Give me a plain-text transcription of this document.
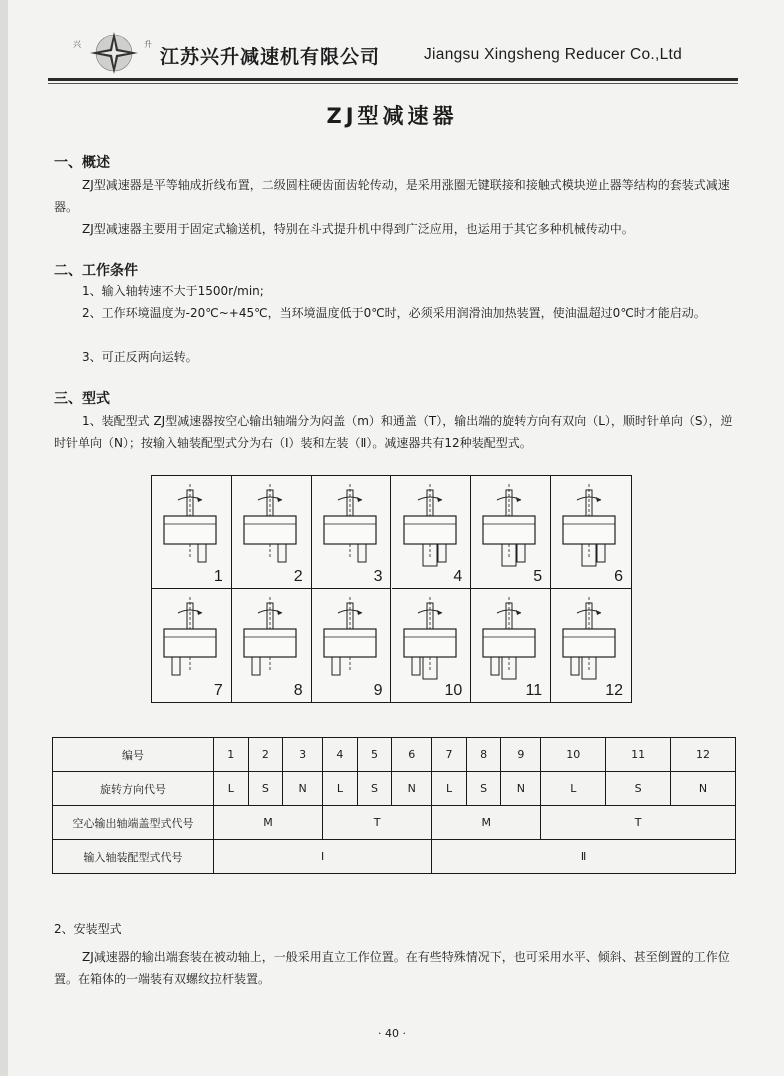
兴	升
江苏兴升减速机有限公司	Jiangsu Xingsheng Reducer Co.,Ltd
ZJ型减速器
一、概述
ZJ型减速器是平等轴成折线布置，二级圆柱硬齿面齿轮传动，是采用涨圈无键联接和接触式模块逆止器等结构的套装式减速器。
ZJ型减速器主要用于固定式输送机，特别在斗式提升机中得到广泛应用，也运用于其它多种机械传动中。
二、工作条件
1、输入轴转速不大于1500r/min;
2、工作环境温度为-20℃~+45℃，当环境温度低于0℃时，必须采用润滑油加热装置，使油温超过0℃时才能启动。
3、可正反两向运转。
三、型式
1、装配型式 ZJ型减速器按空心输出轴端分为闷盖（m）和通盖（T），输出端的旋转方向有双向（L），顺时针单向（S），逆时针单向（N）；按输入轴装配型式分为右（Ⅰ）装和左装（Ⅱ）。减速器共有12种装配型式。
1	2	3	4	5	6
7	8	9	10	11	12
编号	1	2	3	4	5	6	7	8	9	10	11	12
旋转方向代号	L	S	N	L	S	N	L	S	N	L	S	N
空心输出轴端盖型式代号	M			T			M			T		
输入轴装配型式代号	Ⅰ						Ⅱ					
2、安装型式
ZJ减速器的输出端套装在被动轴上，一般采用直立工作位置。在有些特殊情况下，也可采用水平、倾斜、甚至倒置的工作位置。在箱体的一端装有双螺纹拉杆装置。
· 40 ·
